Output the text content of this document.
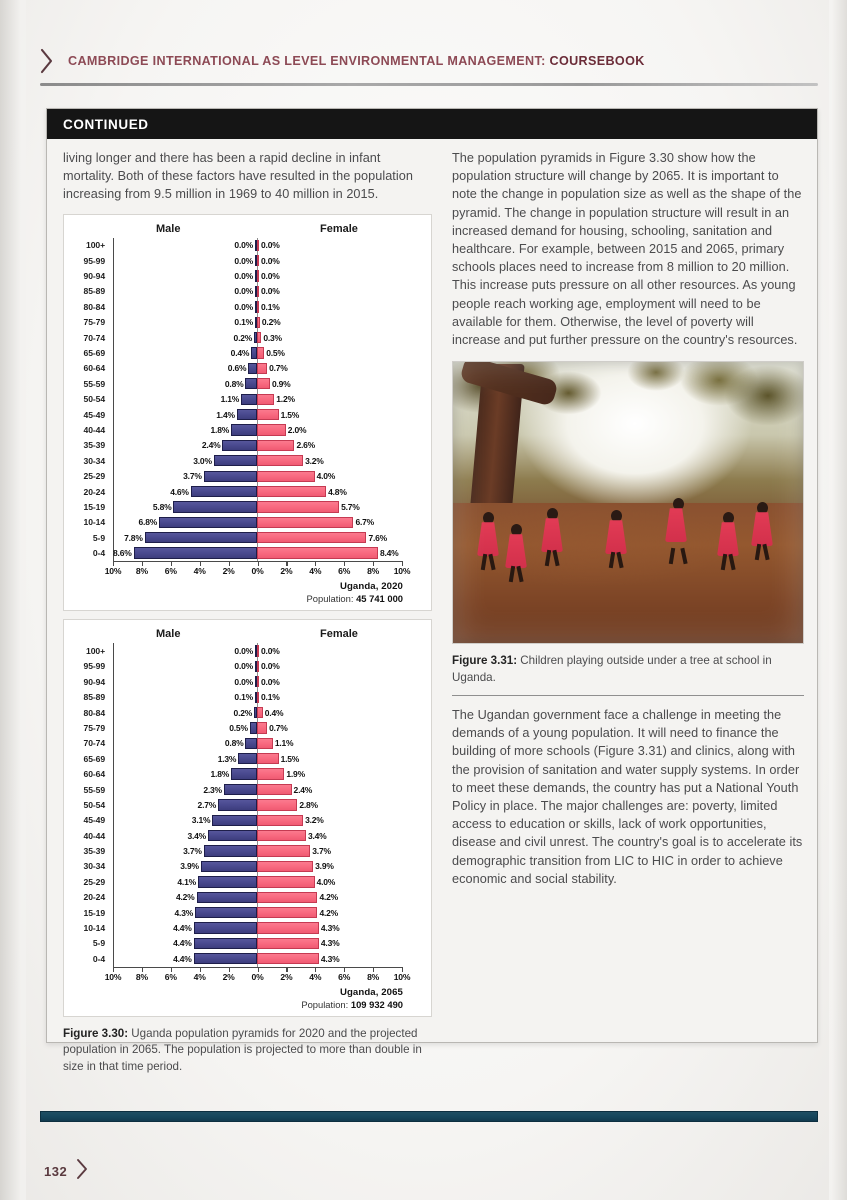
CAMBRIDGE INTERNATIONAL AS LEVEL ENVIRONMENTAL MANAGEMENT: COURSEBOOK
CONTINUED
living longer and there has been a rapid decline in infant mortality. Both of these factors have resulted in the population increasing from 9.5 million in 1969 to 40 million in 2015.
Male	Female
100+	0.0% 0.0%
95-99	0.0% 0.0%
90-94	0.0% 0.0%
85-89	0.0% 0.0%
80-84	0.0% 0.1%
75-79	0.1% 0.2%
70-74	0.2% 0.3%
65-69	0.4% 0.5%
60-64	0.6%	0.7%
55-59	0.8%	0.9%
50-54	1.1%	1.2%
45-49	1.4%	1.5%
40-44	1.8%	2.0%
35-39	2.4%	2.6%
30-34	3.0%	3.2%
25-29	3.7%	4.0%
20-24	4.6%	4.8%
15-19	5.8%	5.7%
10-14	6.8%	6.7%
5-9	7.8%	7.6%
0-4 8.6%	8.4%
10% 8% 6% 4% 2% 0% 2% 4% 6% 8% 10%
Uganda, 2020
Population: 45 741 000
Male	Female
100+	0.0% 0.0%
95-99	0.0% 0.0%
90-94	0.0% 0.0%
85-89	0.1% 0.1%
80-84	0.2% 0.4%
75-79	0.5%	0.7%
70-74	0.8%	1.1%
65-69	1.3%	1.5%
60-64	1.8%	1.9%
55-59	2.3%	2.4%
50-54	2.7%	2.8%
45-49	3.1%	3.2%
40-44	3.4%	3.4%
35-39	3.7%	3.7%
30-34	3.9%	3.9%
25-29	4.1%	4.0%
20-24	4.2%	4.2%
15-19	4.3%	4.2%
10-14	4.4%	4.3%
5-9	4.4%	4.3%
0-4	4.4%	4.3%
10% 8% 6% 4% 2% 0% 2% 4% 6% 8% 10%
Uganda, 2065
Population: 109 932 490
Figure 3.30: Uganda population pyramids for 2020 and the projected population in 2065. The population is projected to more than double in size in that time period.
The population pyramids in Figure 3.30 show how the population structure will change by 2065. It is important to note the change in population size as well as the shape of the pyramid. The change in population structure will result in an increased demand for housing, schooling, sanitation and healthcare. For example, between 2015 and 2065, primary schools places need to increase from 8 million to 20 million. This increase puts pressure on all other resources. As young people reach working age, employment will need to be available for them. Otherwise, the level of poverty will increase and put further pressure on the country's resources.
Figure 3.31: Children playing outside under a tree at school in Uganda.
The Ugandan government face a challenge in meeting the demands of a young population. It will need to finance the building of more schools (Figure 3.31) and clinics, along with the provision of sanitation and water supply systems. In order to meet these demands, the country has put a National Youth Policy in place. The major challenges are: poverty, limited access to education or skills, lack of work opportunities, disease and civil unrest. The country's goal is to accelerate its demographic transition from LIC to HIC in order to achieve economic and social stability.
132
